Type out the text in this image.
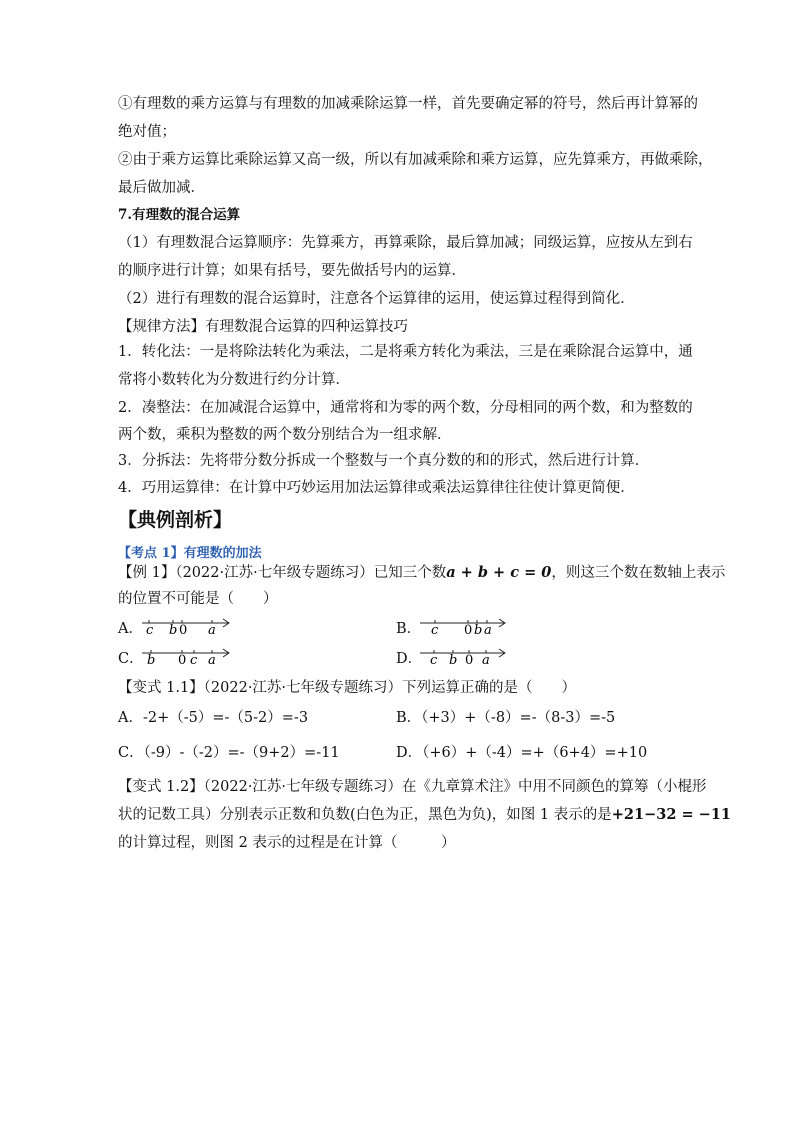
①有理数的乘方运算与有理数的加减乘除运算一样，首先要确定幂的符号，然后再计算幂的
绝对值；
②由于乘方运算比乘除运算又高一级，所以有加减乘除和乘方运算，应先算乘方，再做乘除，
最后做加减．
7.有理数的混合运算
（1）有理数混合运算顺序：先算乘方，再算乘除，最后算加减；同级运算，应按从左到右
的顺序进行计算；如果有括号，要先做括号内的运算．
（2）进行有理数的混合运算时，注意各个运算律的运用，使运算过程得到简化．
【规律方法】有理数混合运算的四种运算技巧
1．转化法：一是将除法转化为乘法，二是将乘方转化为乘法，三是在乘除混合运算中，通
常将小数转化为分数进行约分计算．
2．凑整法：在加减混合运算中，通常将和为零的两个数，分母相同的两个数，和为整数的
两个数，乘积为整数的两个数分别结合为一组求解．
3．分拆法：先将带分数分拆成一个整数与一个真分数的和的形式，然后进行计算．
4．巧用运算律：在计算中巧妙运用加法运算律或乘法运算律往往使计算更简便．
【典例剖析】
【考点 1】有理数的加法
【例 1】（2022·江苏·七年级专题练习）已知三个数a + b + c = 0，则这三个数在数轴上表示
的位置不可能是（　　）
A． c b 0 a	B． c 0 b a
C． b 0 c a	D． c b 0 a
【变式 1.1】（2022·江苏·七年级专题练习）下列运算正确的是（　　）
A．-2+（-5）=-（5-2）=-3	B．（+3）+（-8）=-（8-3）=-5
C．（-9）-（-2）=-（9+2）=-11	D．（+6）+（-4）=+（6+4）=+10
【变式 1.2】（2022·江苏·七年级专题练习）在《九章算术注》中用不同颜色的算筹（小棍形
状的记数工具）分别表示正数和负数(白色为正，黑色为负)，如图 1 表示的是+21−32 = −11
的计算过程，则图 2 表示的过程是在计算（　　　）
